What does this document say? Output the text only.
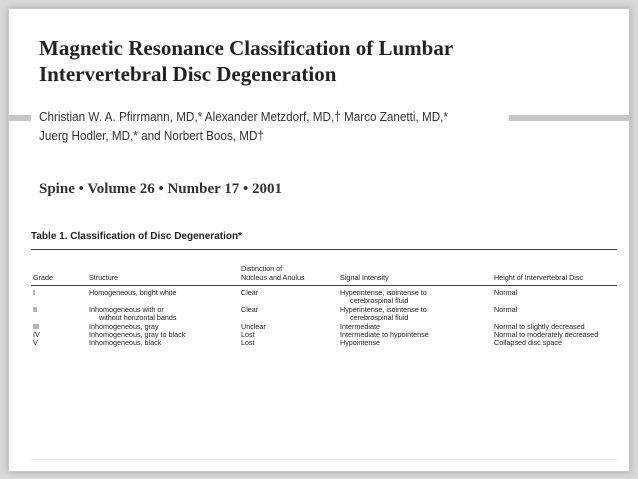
Magnetic Resonance Classification of Lumbar
Intervertebral Disc Degeneration
Christian W. A. Pfirrmann, MD,* Alexander Metzdorf, MD,† Marco Zanetti, MD,*
Juerg Hodler, MD,* and Norbert Boos, MD†
Spine • Volume 26 • Number 17 • 2001
Table 1. Classification of Disc Degeneration*
Grade	Structure	Distinction of
Nucleus and Anulus	Signal Intensity	Height of Intervertebral Disc

I	Homogeneous, bright white	Clear	Hyperintense, isointense to
cerebrospinal fluid	Normal
II	Inhomogeneous with or
without horizontal bands	Clear	Hyperintense, isointense to
cerebrospinal fluid	Normal
III	Inhomogeneous, gray	Unclear	Intermediate	Normal to slightly decreased
IV	Inhomogeneous, gray to black	Lost	Intermediate to hypointense	Normal to moderately decreased
V	Inhomogeneous, black	Lost	Hypointense	Collapsed disc space
